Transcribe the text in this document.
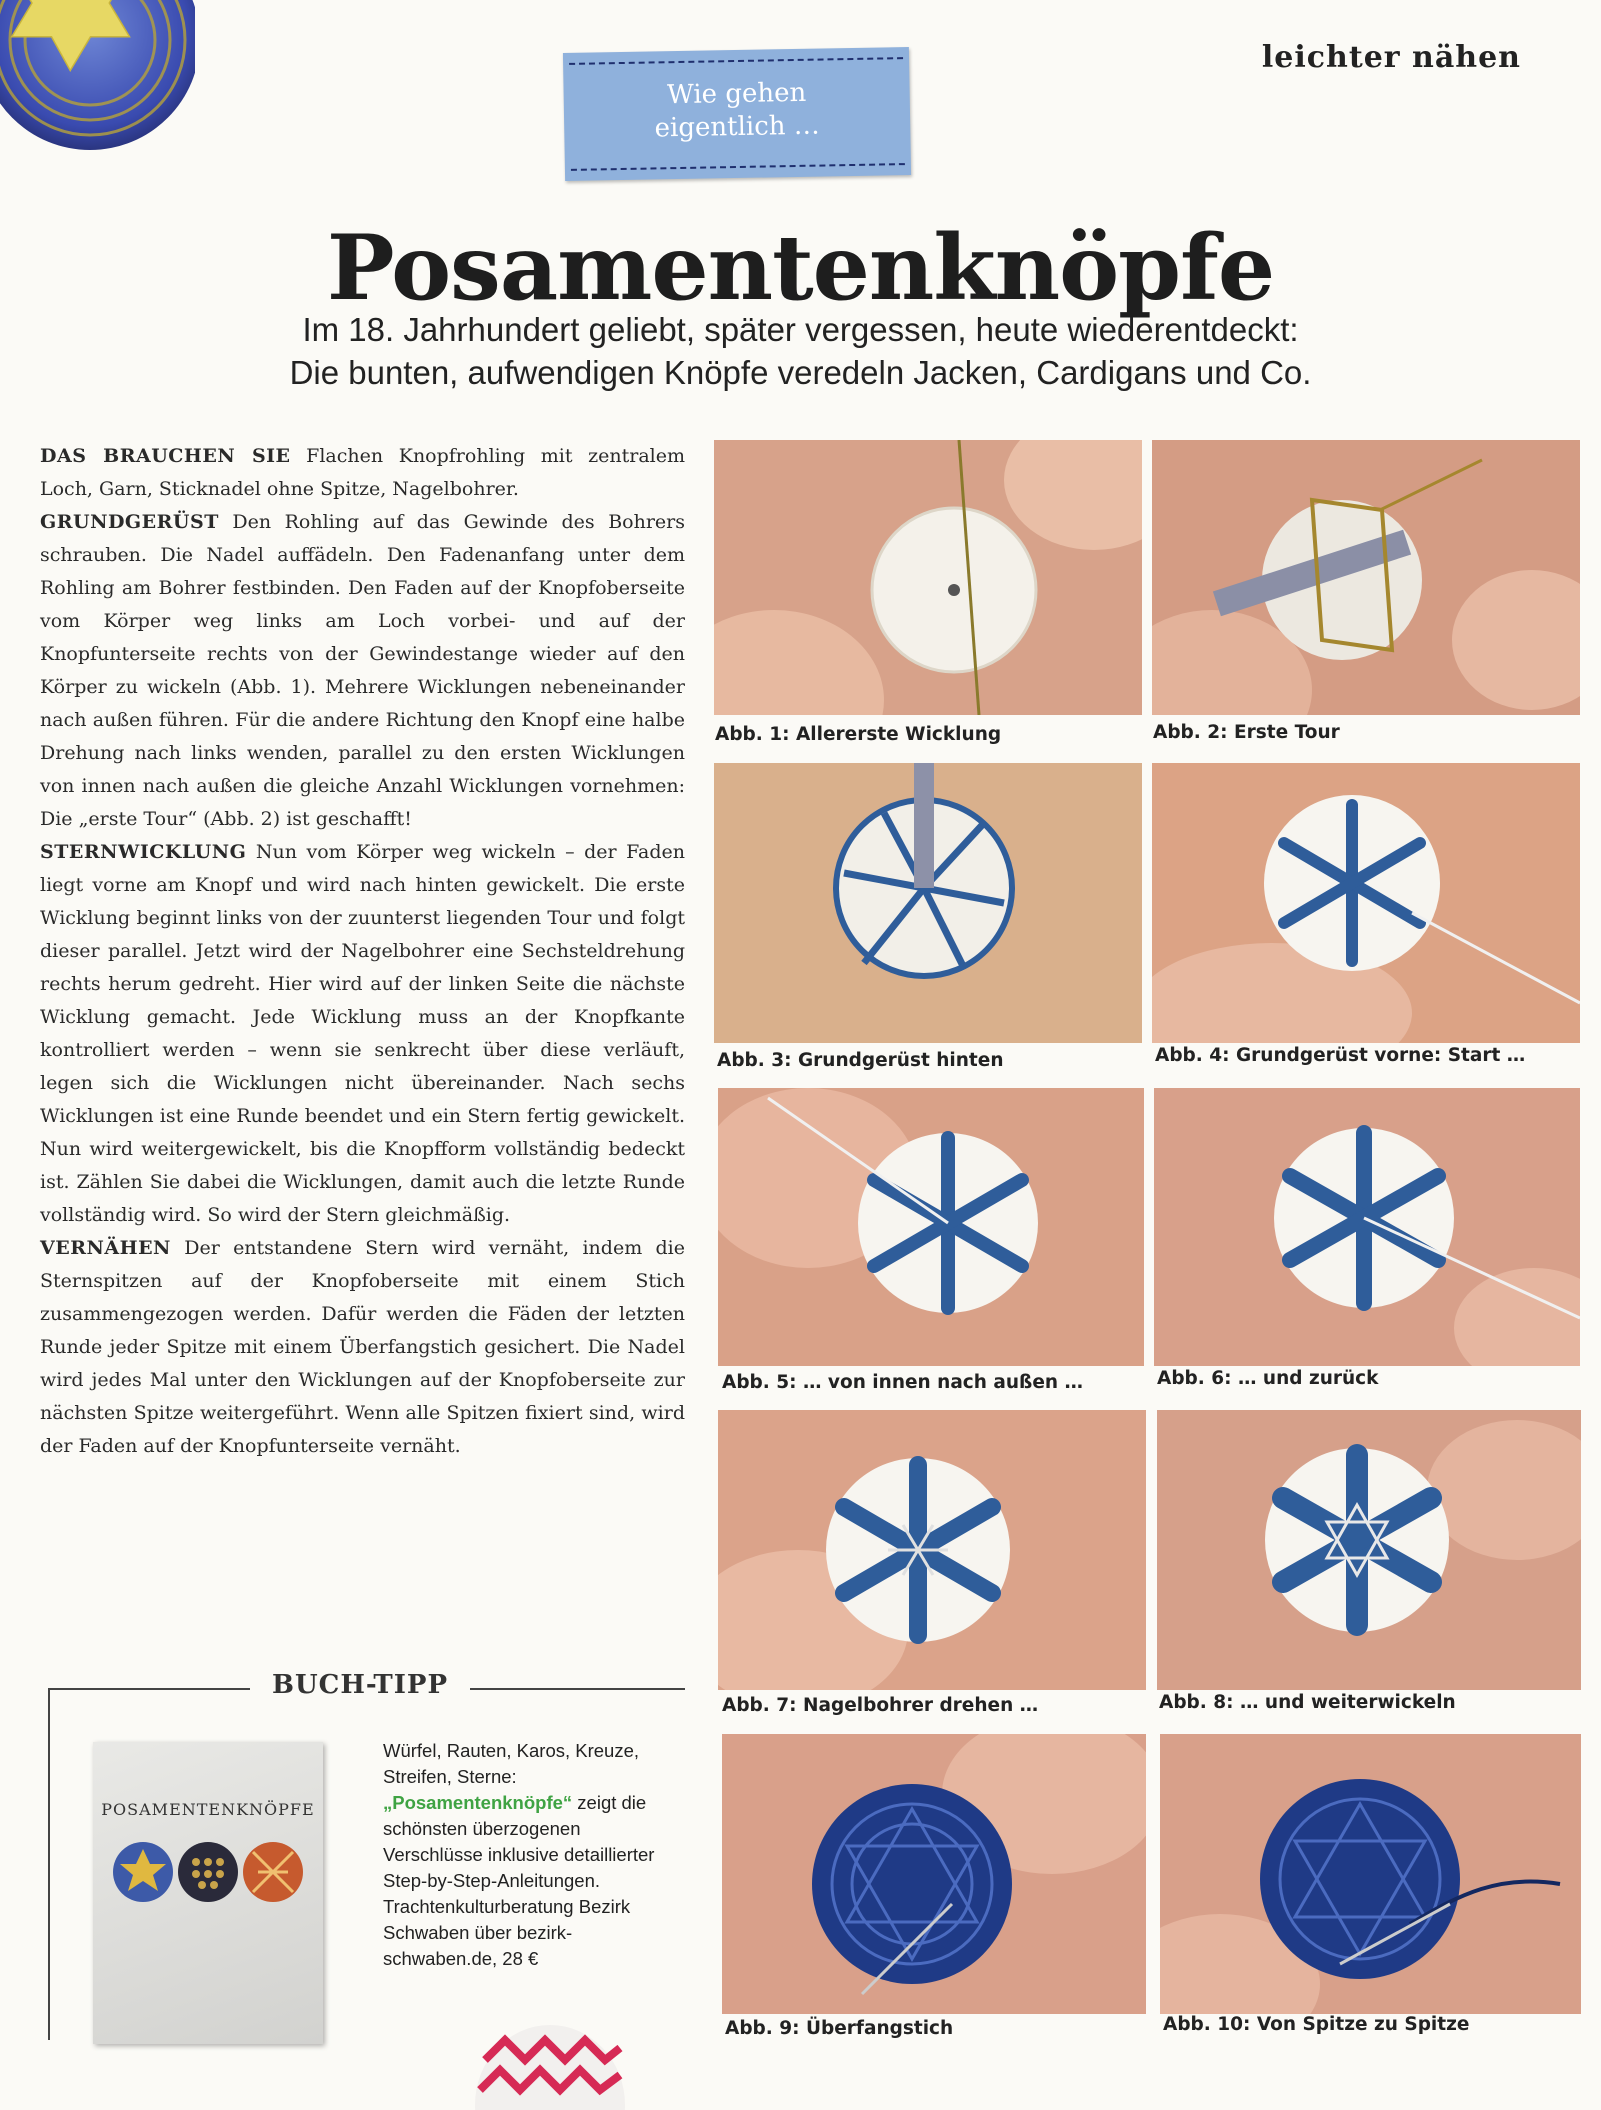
leichter nähen
Wie gehen
eigentlich …
Posamentenknöpfe
Im 18. Jahrhundert geliebt, später vergessen, heute wiederentdeckt:
Die bunten, aufwendigen Knöpfe veredeln Jacken, Cardigans und Co.

DAS BRAUCHEN SIE Flachen Knopfrohling mit zentralem Loch, Garn, Sticknadel ohne Spitze, Nagelbohrer.

GRUNDGERÜST Den Rohling auf das Gewinde des Bohrers schrauben. Die Nadel auffädeln. Den Fadenanfang unter dem Rohling am Bohrer festbinden. Den Faden auf der Knopfoberseite vom Körper weg links am Loch vorbei- und auf der Knopfunterseite rechts von der Gewindestange wieder auf den Körper zu wickeln (Abb. 1). Mehrere Wicklungen nebeneinander nach außen führen. Für die andere Richtung den Knopf eine halbe Drehung nach links wenden, parallel zu den ersten Wicklungen von innen nach außen die gleiche Anzahl Wicklungen vornehmen: Die „erste Tour“ (Abb. 2) ist geschafft!

STERNWICKLUNG Nun vom Körper weg wickeln – der Faden liegt vorne am Knopf und wird nach hinten gewickelt. Die erste Wicklung beginnt links von der zuunterst liegenden Tour und folgt dieser parallel. Jetzt wird der Nagelbohrer eine Sechsteldrehung rechts herum gedreht. Hier wird auf der linken Seite die nächste Wicklung gemacht. Jede Wicklung muss an der Knopfkante kontrolliert werden – wenn sie senkrecht über diese verläuft, legen sich die Wicklungen nicht übereinander. Nach sechs Wicklungen ist eine Runde beendet und ein Stern fertig gewickelt. Nun wird weitergewickelt, bis die Knopfform vollständig bedeckt ist. Zählen Sie dabei die Wicklungen, damit auch die letzte Runde vollständig wird. So wird der Stern gleichmäßig.

VERNÄHEN Der entstandene Stern wird vernäht, indem die Sternspitzen auf der Knopfoberseite mit einem Stich zusammengezogen werden. Dafür werden die Fäden der letzten Runde jeder Spitze mit einem Überfangstich gesichert. Die Nadel wird jedes Mal unter den Wicklungen auf der Knopfoberseite zur nächsten Spitze weitergeführt. Wenn alle Spitzen fixiert sind, wird der Faden auf der Knopfunterseite vernäht.

BUCH-TIPP
POSAMENTENKNÖPFE
Würfel, Rauten, Karos, Kreuze, Streifen, Sterne: „Posamentenknöpfe“ zeigt die schönsten überzogenen Verschlüsse inklusive detaillierter Step-by-Step-Anleitungen. Trachtenkulturberatung Bezirk Schwaben über bezirk-schwaben.de, 28 €
Abb. 1: Allererste Wicklung	Abb. 2: Erste Tour
Abb. 3: Grundgerüst hinten	Abb. 4: Grundgerüst vorne: Start …
Abb. 5: … von innen nach außen …	Abb. 6: … und zurück
Abb. 7: Nagelbohrer drehen …	Abb. 8: … und weiterwickeln
Abb. 9: Überfangstich	Abb. 10: Von Spitze zu Spitze
